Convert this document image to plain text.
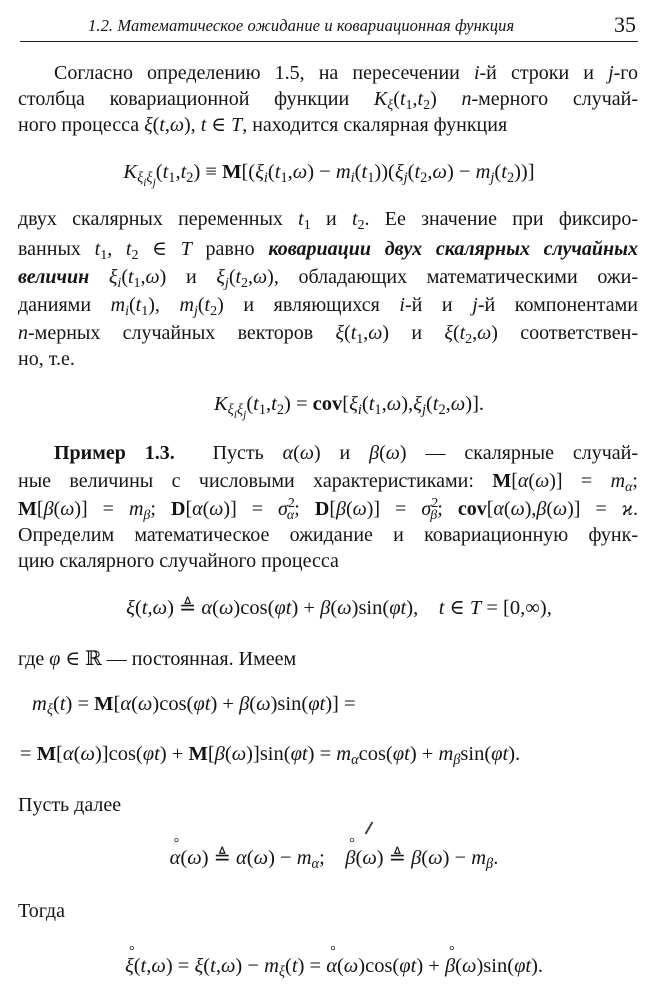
1.2. Математическое ожидание и ковариационная функция	35
Согласно определению 1.5, на пересечении i-й строки и j-го
столбца ковариационной функции $K_\xi(t_1,t_2)$ n-мерного случай-
ного процесса ξ(t,ω), t ∈ T, находится скалярная функция
$K_{\xi_i\xi_j}(t_1,t_2) \equiv M[(\xi_i(t_1,\omega) - m_i(t_1))(\xi_j(t_2,\omega) - m_j(t_2))]$
двух скалярных переменных $t_1$ и $t_2$. Ее значение при фиксиро-
ванных $t_1$, $t_2$ ∈ T равно ковариации двух скалярных случайных
величин $\xi_i(t_1,\omega)$ и $\xi_j(t_2,\omega)$, обладающих математическими ожи-
даниями $m_i(t_1)$, $m_j(t_2)$ и являющихся i-й и j-й компонентами
n-мерных случайных векторов $\xi(t_1,\omega)$ и $\xi(t_2,\omega)$ соответствен-
но, т.е.
$K_{\xi_i\xi_j}(t_1,t_2) = cov[\xi_i(t_1,\omega),\xi_j(t_2,\omega)]$.
Пример 1.3.  Пусть α(ω) и β(ω) — скалярные случай-
ные величины с числовыми характеристиками: $M[\alpha(\omega)] = m_\alpha$;
$M[\beta(\omega)] = m_\beta$; $D[\alpha(\omega)] = \sigma^2_\alpha$; $D[\beta(\omega)] = \sigma^2_\beta$; cov[α(ω),β(ω)] = ϰ.
Определим математическое ожидание и ковариационную функ-
цию скалярного случайного процесса
ξ(t,ω) ≜ α(ω)cos(φt) + β(ω)sin(φt),    t ∈ T = [0,∞),
где φ ∈ ℝ — постоянная. Имеем
$m_\xi(t) = M[\alpha(\omega)\cos(\varphi t) + \beta(\omega)\sin(\varphi t)]$ =
= $M[\alpha(\omega)]\cos(\varphi t) + M[\beta(\omega)]\sin(\varphi t) = m_\alpha\cos(\varphi t) + m_\beta\sin(\varphi t)$.
Пусть далее
° α(ω) ≜ $\alpha(\omega) - m_\alpha$;    ° β(ω) ≜ $\beta(\omega) - m_\beta$.
Тогда
° $\xi(t,\omega) = \xi(t,\omega) - m_\xi(t)$ = ° α(ω)cos(φt) + ° β(ω)sin(φt).
